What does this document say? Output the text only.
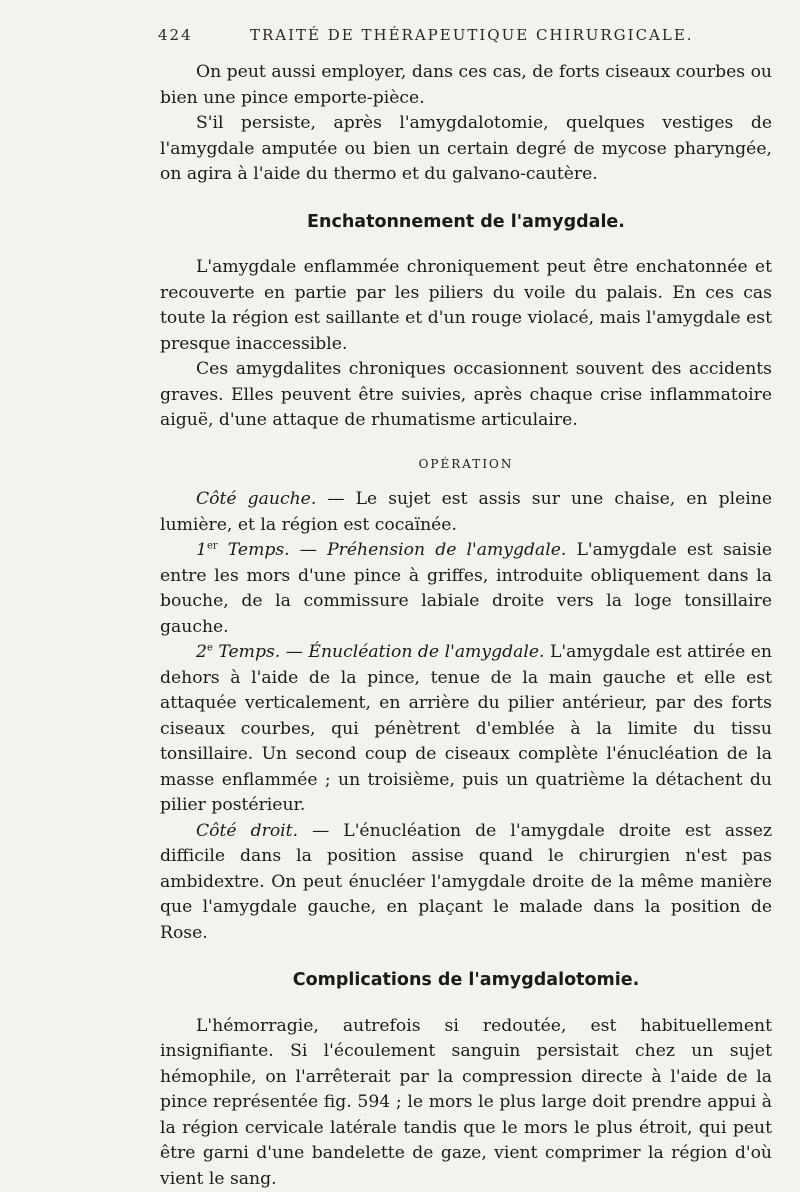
424	TRAITÉ DE THÉRAPEUTIQUE CHIRURGICALE.

On peut aussi employer, dans ces cas, de forts ciseaux courbes ou bien une pince emporte-pièce.

S'il persiste, après l'amygdalotomie, quelques vestiges de l'amygdale amputée ou bien un certain degré de mycose pharyngée, on agira à l'aide du thermo et du galvano-cautère.

Enchatonnement de l'amygdale.

L'amygdale enflammée chroniquement peut être enchatonnée et recouverte en partie par les piliers du voile du palais. En ces cas toute la région est saillante et d'un rouge violacé, mais l'amygdale est presque inaccessible.

Ces amygdalites chroniques occasionnent souvent des accidents graves. Elles peuvent être suivies, après chaque crise inflammatoire aiguë, d'une attaque de rhumatisme articulaire.

OPÉRATION

Côté gauche. — Le sujet est assis sur une chaise, en pleine lumière, et la région est cocaïnée.

1er Temps. — Préhension de l'amygdale. L'amygdale est saisie entre les mors d'une pince à griffes, introduite obliquement dans la bouche, de la commissure labiale droite vers la loge tonsillaire gauche.

2e Temps. — Énucléation de l'amygdale. L'amygdale est attirée en dehors à l'aide de la pince, tenue de la main gauche et elle est attaquée verticalement, en arrière du pilier antérieur, par des forts ciseaux courbes, qui pénètrent d'emblée à la limite du tissu tonsillaire. Un second coup de ciseaux complète l'énucléation de la masse enflammée ; un troisième, puis un quatrième la détachent du pilier postérieur.

Côté droit. — L'énucléation de l'amygdale droite est assez difficile dans la position assise quand le chirurgien n'est pas ambidextre. On peut énucléer l'amygdale droite de la même manière que l'amygdale gauche, en plaçant le malade dans la position de Rose.

Complications de l'amygdalotomie.

L'hémorragie, autrefois si redoutée, est habituellement insignifiante. Si l'écoulement sanguin persistait chez un sujet hémophile, on l'arrêterait par la compression directe à l'aide de la pince représentée fig. 594 ; le mors le plus large doit prendre appui à la région cervicale latérale tandis que le mors le plus étroit, qui peut être garni d'une bandelette de gaze, vient comprimer la région d'où vient le sang.
